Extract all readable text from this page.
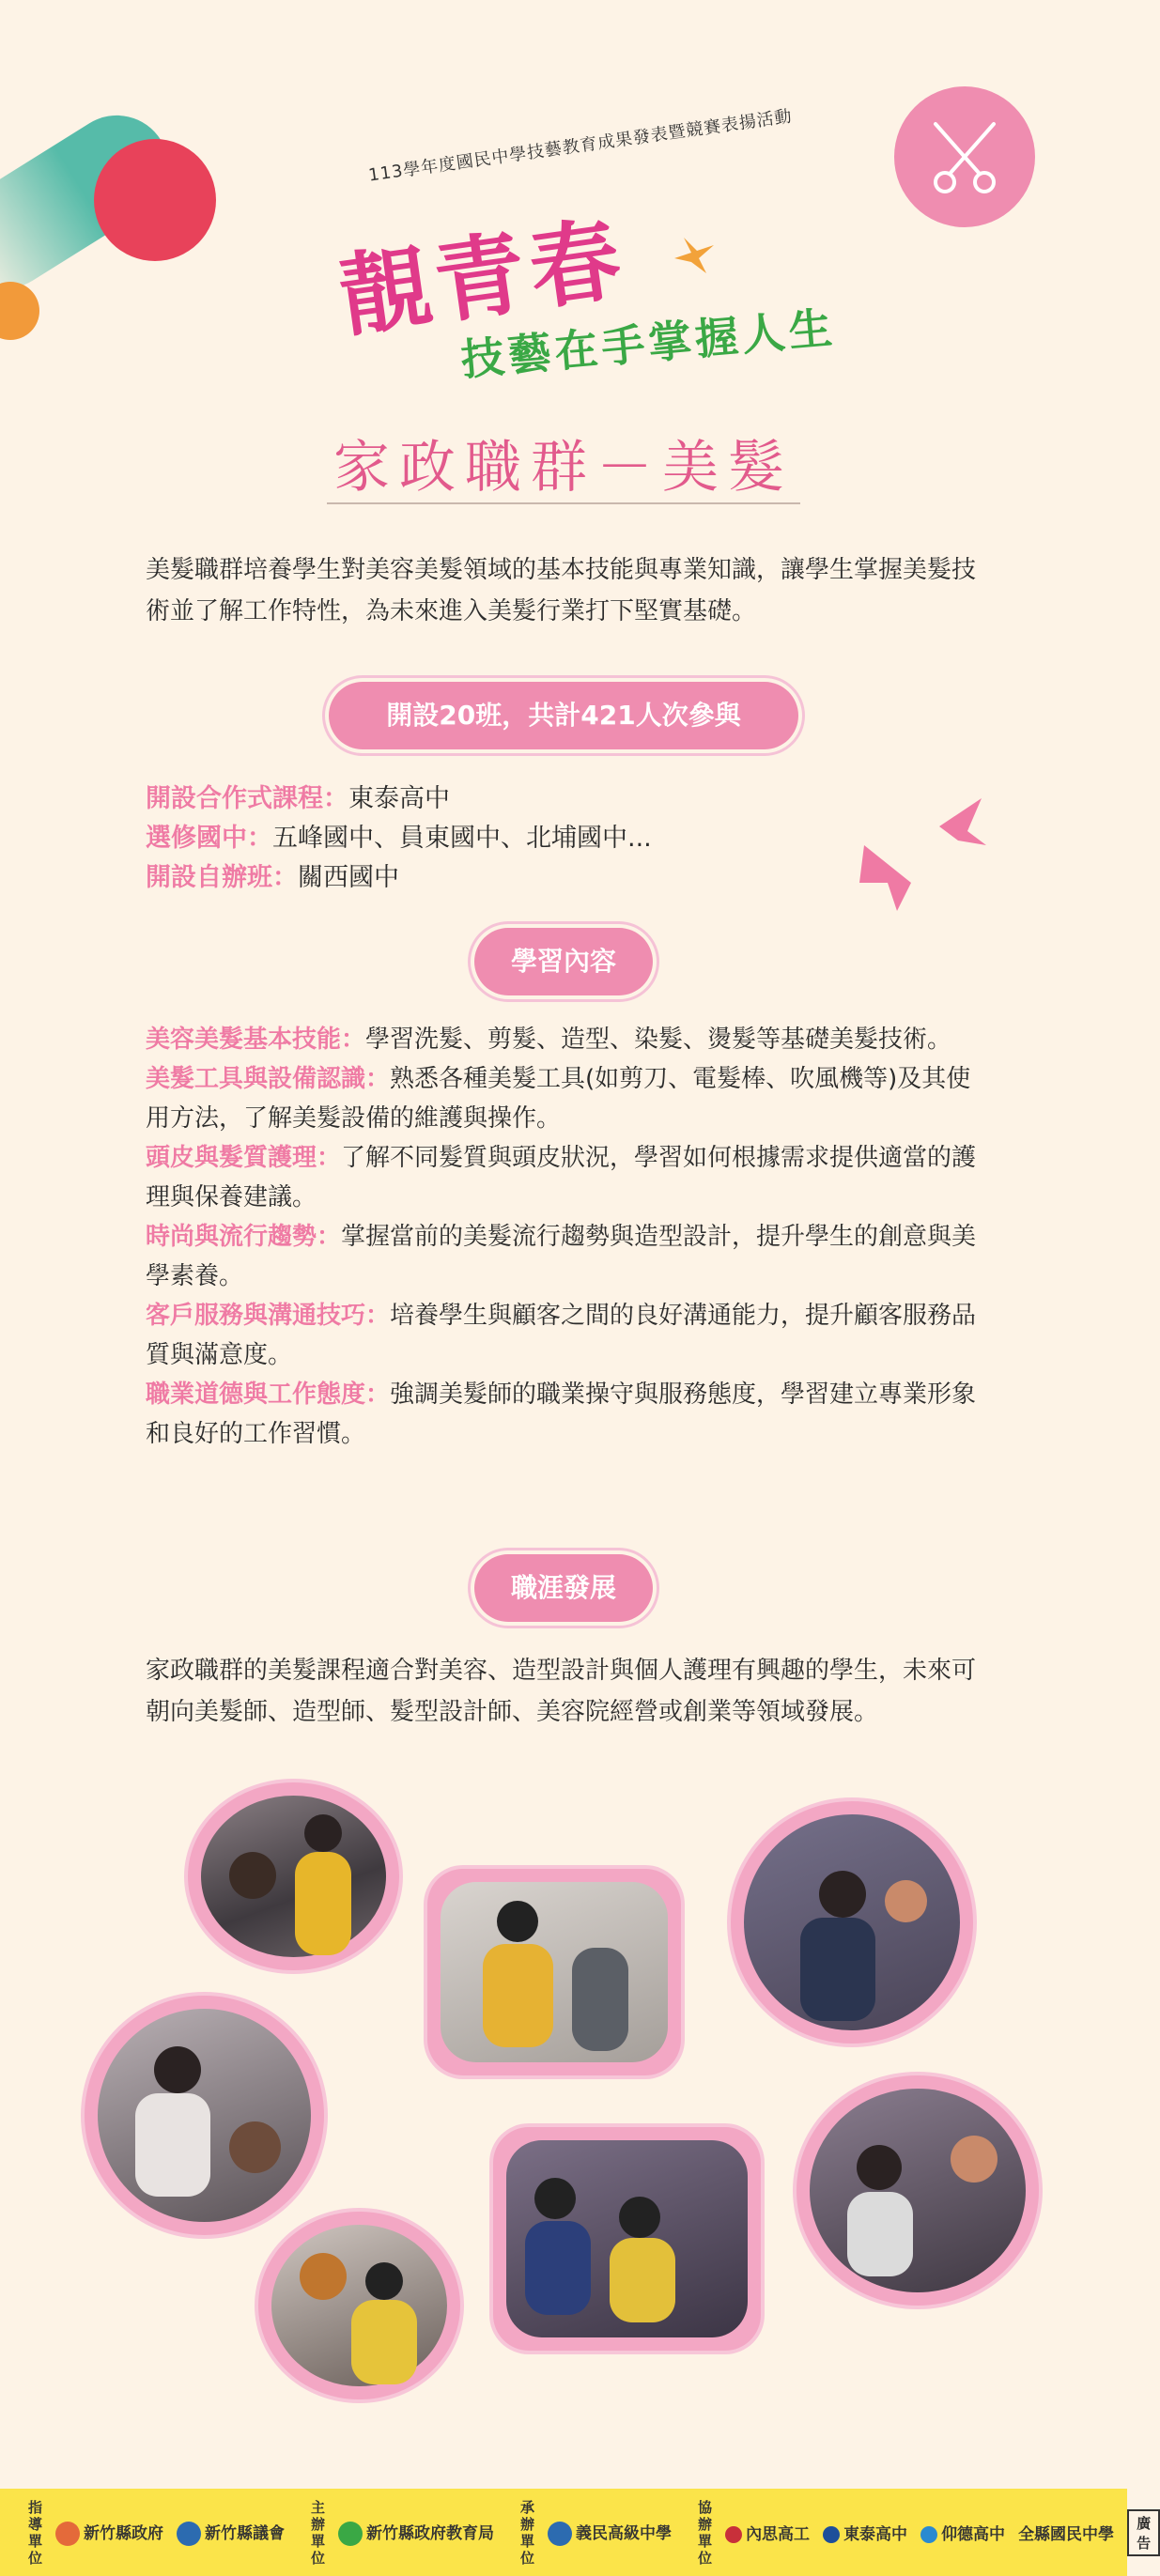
113學年度國民中學技藝教育成果發表暨競賽表揚活動
靚青春
技藝在手掌握人生
家政職群－美髮
美髮職群培養學生對美容美髮領域的基本技能與專業知識，讓學生掌握美髮技術並了解工作特性，為未來進入美髮行業打下堅實基礎。
開設20班，共計421人次參與
開設合作式課程：東泰高中
選修國中：五峰國中、員東國中、北埔國中...
開設自辦班：關西國中
學習內容
美容美髮基本技能：學習洗髮、剪髮、造型、染髮、燙髮等基礎美髮技術。
美髮工具與設備認識：熟悉各種美髮工具(如剪刀、電髮棒、吹風機等)及其使用方法，了解美髮設備的維護與操作。
頭皮與髮質護理：了解不同髮質與頭皮狀況，學習如何根據需求提供適當的護理與保養建議。
時尚與流行趨勢：掌握當前的美髮流行趨勢與造型設計，提升學生的創意與美學素養。
客戶服務與溝通技巧：培養學生與顧客之間的良好溝通能力，提升顧客服務品質與滿意度。
職業道德與工作態度：強調美髮師的職業操守與服務態度，學習建立專業形象和良好的工作習慣。
職涯發展
家政職群的美髮課程適合對美容、造型設計與個人護理有興趣的學生，未來可朝向美髮師、造型師、髮型設計師、美容院經營或創業等領域發展。
指導單位
新竹縣政府	新竹縣議會
主辦單位
新竹縣政府教育局
承辦單位
義民高級中學
協辦單位
內思高工	東泰高中	仰德高中 全縣國民中學
廣告
